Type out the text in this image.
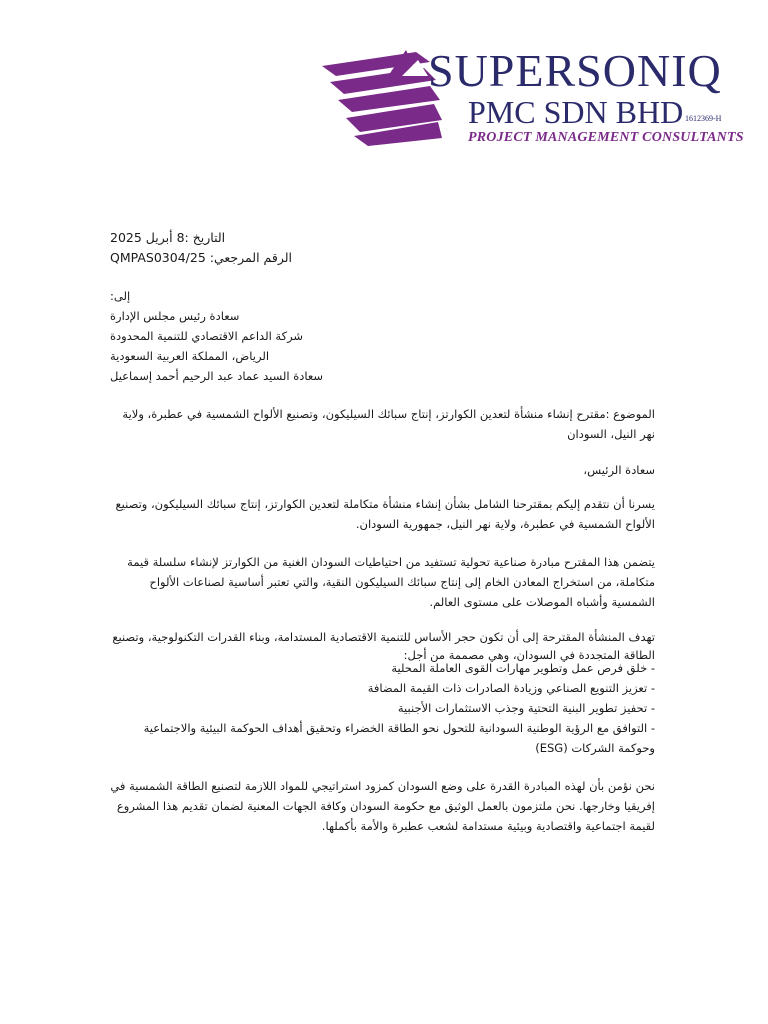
SUPERSONIQ
PMC SDN BHD 1612369-H
PROJECT MANAGEMENT CONSULTANTS

التاريخ :8 أبريل 2025

الرقم المرجعي: QMPAS0304/25

إلى:

سعادة رئيس مجلس الإدارة

شركة الداعم الاقتصادي للتنمية المحدودة

الرياض، المملكة العربية السعودية

سعادة السيد عماد عبد الرحيم أحمد إسماعيل

الموضوع :مقترح إنشاء منشأة لتعدين الكوارتز، إنتاج سبائك السيليكون، وتصنيع الألواح الشمسية في عطبرة، ولاية نهر النيل، السودان

سعادة الرئيس،

يسرنا أن نتقدم إليكم بمقترحنا الشامل بشأن إنشاء منشأة متكاملة لتعدين الكوارتز، إنتاج سبائك السيليكون، وتصنيع الألواح الشمسية في عطبرة، ولاية نهر النيل، جمهورية السودان.

يتضمن هذا المقترح مبادرة صناعية تحولية تستفيد من احتياطيات السودان الغنية من الكوارتز لإنشاء سلسلة قيمة متكاملة، من استخراج المعادن الخام إلى إنتاج سبائك السيليكون النقية، والتي تعتبر أساسية لصناعات الألواح الشمسية وأشباه الموصلات على مستوى العالم.

تهدف المنشأة المقترحة إلى أن تكون حجر الأساس للتنمية الاقتصادية المستدامة، وبناء القدرات التكنولوجية، وتصنيع الطاقة المتجددة في السودان، وهي مصممة من أجل:

- خلق فرص عمل وتطوير مهارات القوى العاملة المحلية
- تعزيز التنويع الصناعي وزيادة الصادرات ذات القيمة المضافة
- تحفيز تطوير البنية التحتية وجذب الاستثمارات الأجنبية
- التوافق مع الرؤية الوطنية السودانية للتحول نحو الطاقة الخضراء وتحقيق أهداف الحوكمة البيئية والاجتماعية وحوكمة الشركات (ESG)

نحن نؤمن بأن لهذه المبادرة القدرة على وضع السودان كمزود استراتيجي للمواد اللازمة لتصنيع الطاقة الشمسية في إفريقيا وخارجها. نحن ملتزمون بالعمل الوثيق مع حكومة السودان وكافة الجهات المعنية لضمان تقديم هذا المشروع لقيمة اجتماعية واقتصادية وبيئية مستدامة لشعب عطبرة والأمة بأكملها.
